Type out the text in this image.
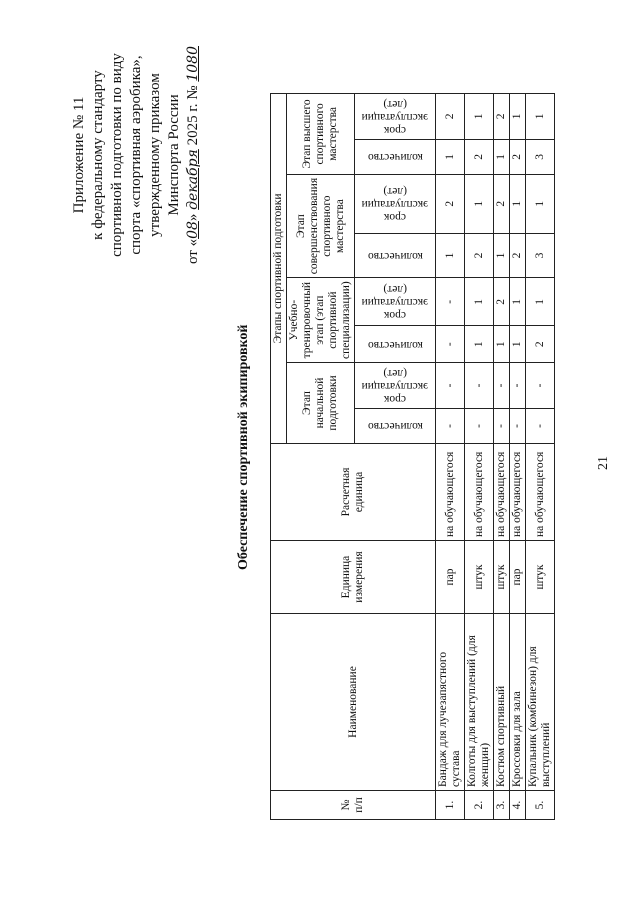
21
Приложение № 11 к федеральному стандарту спортивной подготовки по виду спорта «спортивная аэробика», утвержденному приказом Минспорта России
от «08» декабря 2025 г. № 1080
Обеспечение спортивной экипировкой
№ п/п	Наименование	Единица измерения	Расчетная единица	Этапы спортивной подготовки							
				Этап начальной подготовки		Учебно-тренировочный этап (этап спортивной специализации)		Этап совершенствования спортивного мастерства		Этап высшего спортивного мастерства	

				количество	срок эксплуатации (лет)	количество	срок эксплуатации (лет)	количество	срок эксплуатации (лет)	количество	срок эксплуатации (лет)

1.	Бандаж для лучезапястного сустава	пар	на обучающегося	-	-	-	-	1	2	1	2
2.	Колготы для выступлений (для женщин)	штук	на обучающегося	-	-	1	1	2	1	2	1
3.	Костюм спортивный	штук	на обучающегося	-	-	1	2	1	2	1	2
4.	Кроссовки для зала	пар	на обучающегося	-	-	1	1	2	1	2	1
5.	Купальник (комбинезон) для выступлений	штук	на обучающегося	-	-	2	1	3	1	3	1
